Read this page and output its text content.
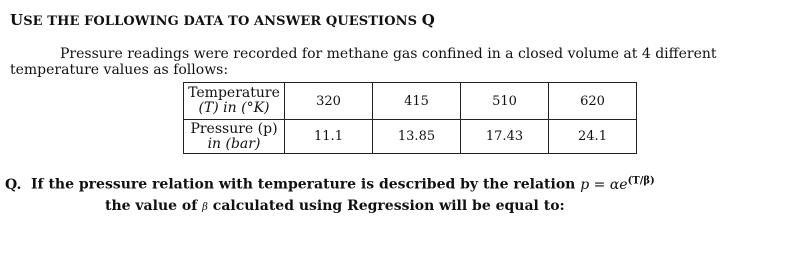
USE THE FOLLOWING DATA TO ANSWER QUESTIONS Q
Pressure readings were recorded for methane gas confined in a closed volume at 4 different temperature values as follows:
Temperature
(T) in (°K)	320	415	510	620

Pressure (p)
in (bar)	11.1	13.85	17.43	24.1
Q. If the pressure relation with temperature is described by the relation $p = \alpha e^{(T/\beta)}$
the value of β calculated using Regression will be equal to:
